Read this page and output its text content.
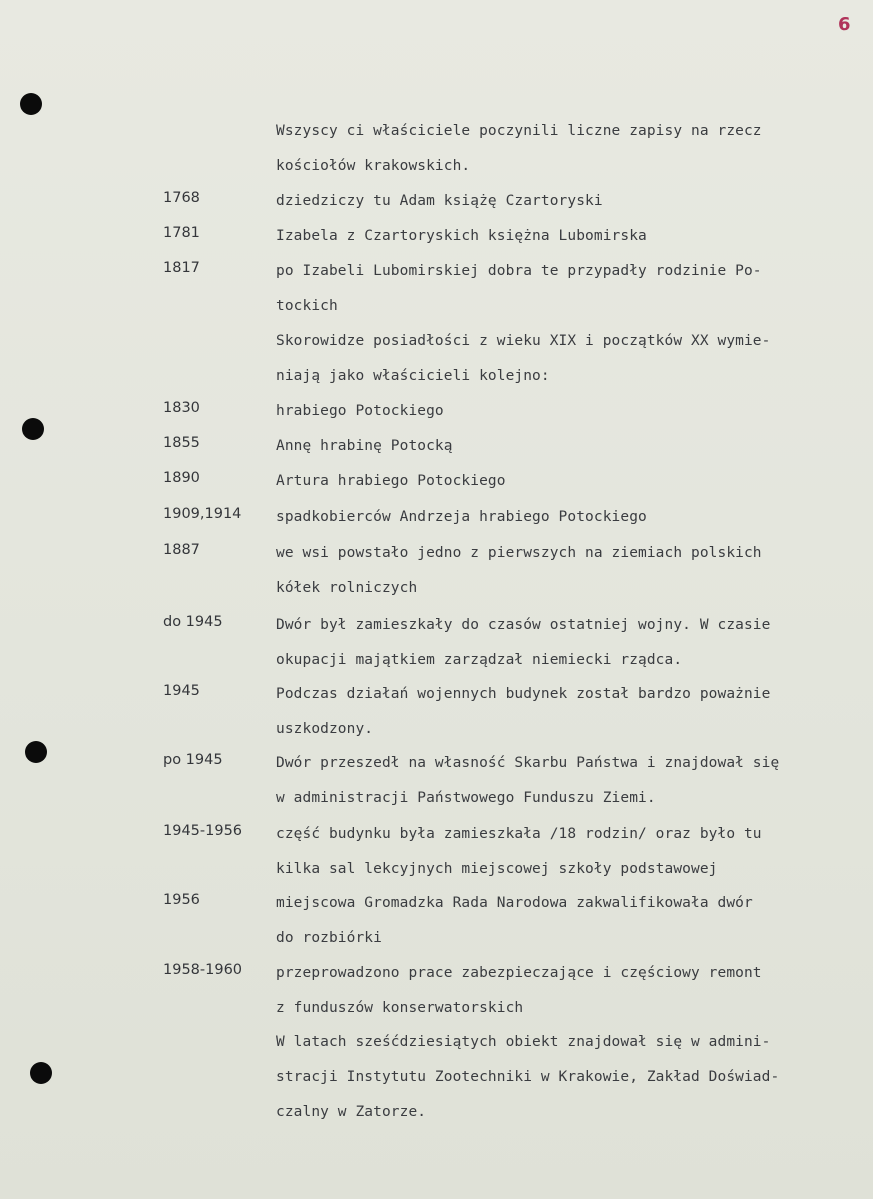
6
Wszyscy ci właściciele poczynili liczne zapisy na rzecz
kościołów krakowskich.
1768	dziedziczy tu Adam książę Czartoryski
1781	Izabela z Czartoryskich księżna Lubomirska
1817	po Izabeli Lubomirskiej dobra te przypadły rodzinie Po-
tockich
Skorowidze posiadłości z wieku XIX i początków XX wymie-
niają jako właścicieli kolejno:
1830	hrabiego Potockiego
1855	Annę hrabinę Potocką
1890	Artura hrabiego Potockiego
1909,1914 spadkobierców Andrzeja hrabiego Potockiego
1887	we wsi powstało jedno z pierwszych na ziemiach polskich
kółek rolniczych
do 1945	Dwór był zamieszkały do czasów ostatniej wojny. W czasie
okupacji majątkiem zarządzał niemiecki rządca.
1945	Podczas działań wojennych budynek został bardzo poważnie
uszkodzony.
po 1945	Dwór przeszedł na własność Skarbu Państwa i znajdował się
w administracji Państwowego Funduszu Ziemi.
1945-1956 część budynku była zamieszkała /18 rodzin/ oraz było tu
kilka sal lekcyjnych miejscowej szkoły podstawowej
1956	miejscowa Gromadzka Rada Narodowa zakwalifikowała dwór
do rozbiórki
1958-1960 przeprowadzono prace zabezpieczające i częściowy remont
z funduszów konserwatorskich
W latach sześćdziesiątych obiekt znajdował się w admini-
stracji Instytutu Zootechniki w Krakowie, Zakład Doświad-
czalny w Zatorze.
